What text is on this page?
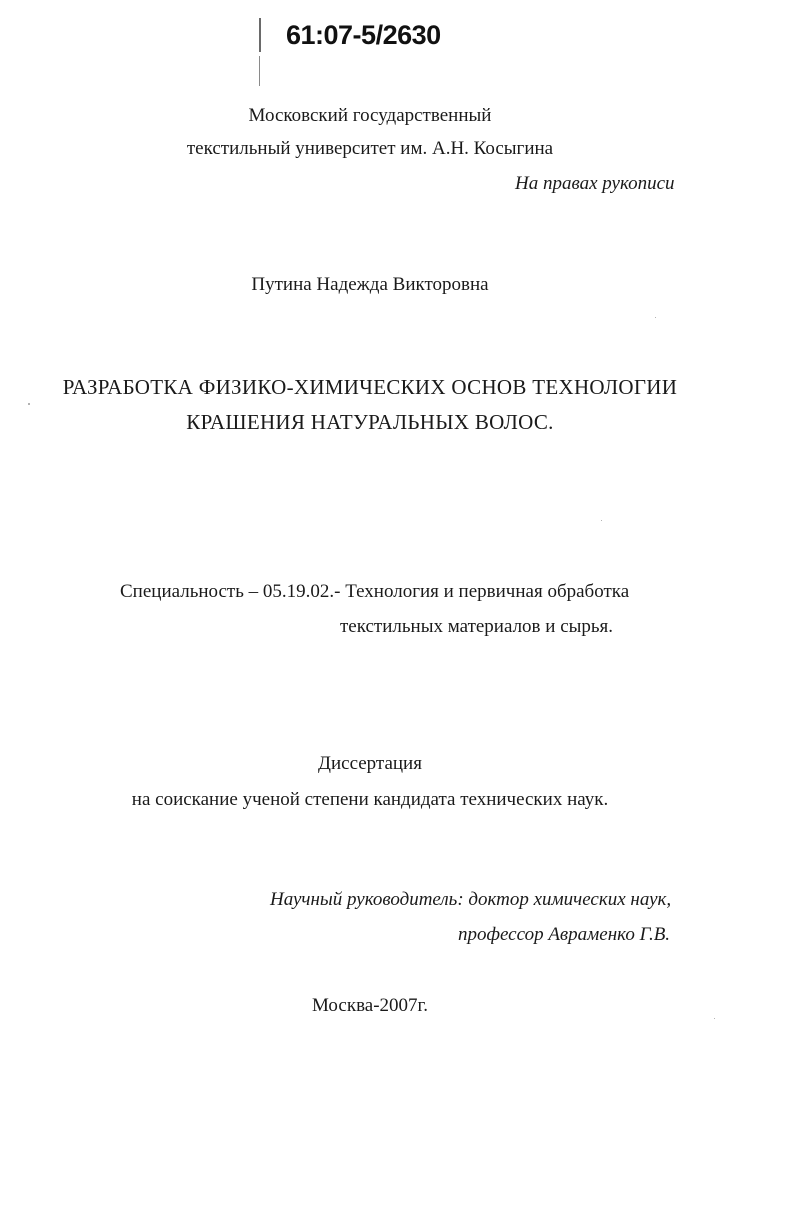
61:07-5/2630
Московский государственный
текстильный университет им. А.Н. Косыгина
На правах рукописи
Путина Надежда Викторовна
РАЗРАБОТКА ФИЗИКО-ХИМИЧЕСКИХ ОСНОВ ТЕХНОЛОГИИ
КРАШЕНИЯ НАТУРАЛЬНЫХ ВОЛОС.
Специальность – 05.19.02.- Технология и первичная обработка
текстильных материалов и сырья.
Диссертация
на соискание ученой степени кандидата технических наук.
Научный руководитель: доктор химических наук,
профессор Авраменко Г.В.
Москва-2007г.
